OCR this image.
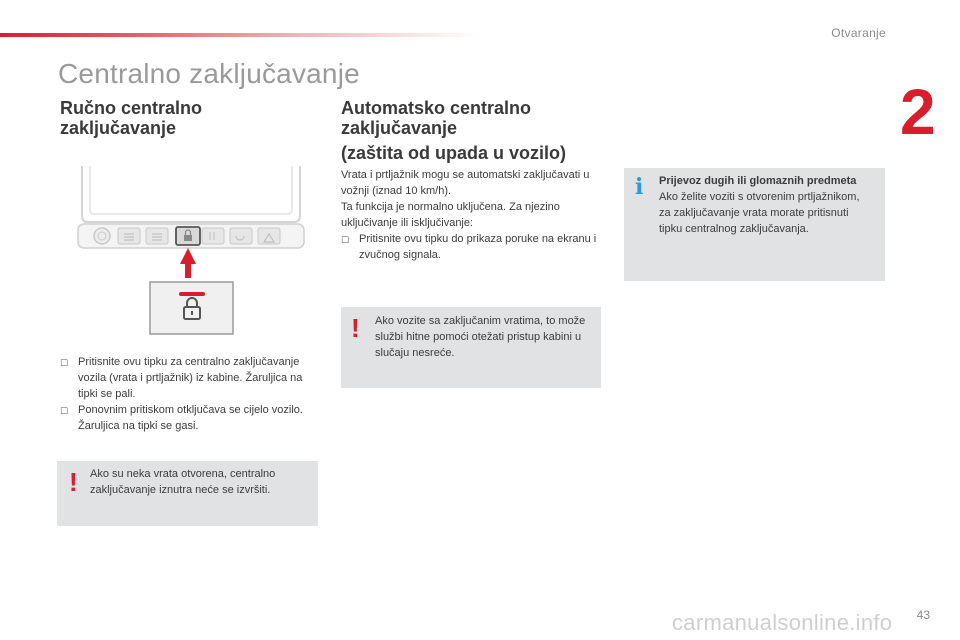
Otvaranje
2
Centralno zaključavanje
Ručno centralno zaključavanje
☐ Pritisnite ovu tipku za centralno zaključavanje vozila (vrata i prtljažnik) iz kabine. Žaruljica na tipki se pali.

☐ Ponovnim pritiskom otključava se cijelo vozilo. Žaruljica na tipki se gasi.

! Ako su neka vrata otvorena, centralno zaključavanje iznutra neće se izvršiti.

Automatsko centralno zaključavanje
(zaštita od upada u vozilo)

Vrata i prtljažnik mogu se automatski zaključavati u vožnji (iznad 10 km/h).

Ta funkcija je normalno uključena. Za njezino uključivanje ili isključivanje:

☐ Pritisnite ovu tipku do prikaza poruke na ekranu i zvučnog signala.

! Ako vozite sa zaključanim vratima, to može službi hitne pomoći otežati pristup kabini u slučaju nesreće.

i Prijevoz dugih ili glomaznih predmeta

Ako želite voziti s otvorenim prtljažnikom, za zaključavanje vrata morate pritisnuti tipku centralnog zaključavanja.

43
carmanualsonline.info
